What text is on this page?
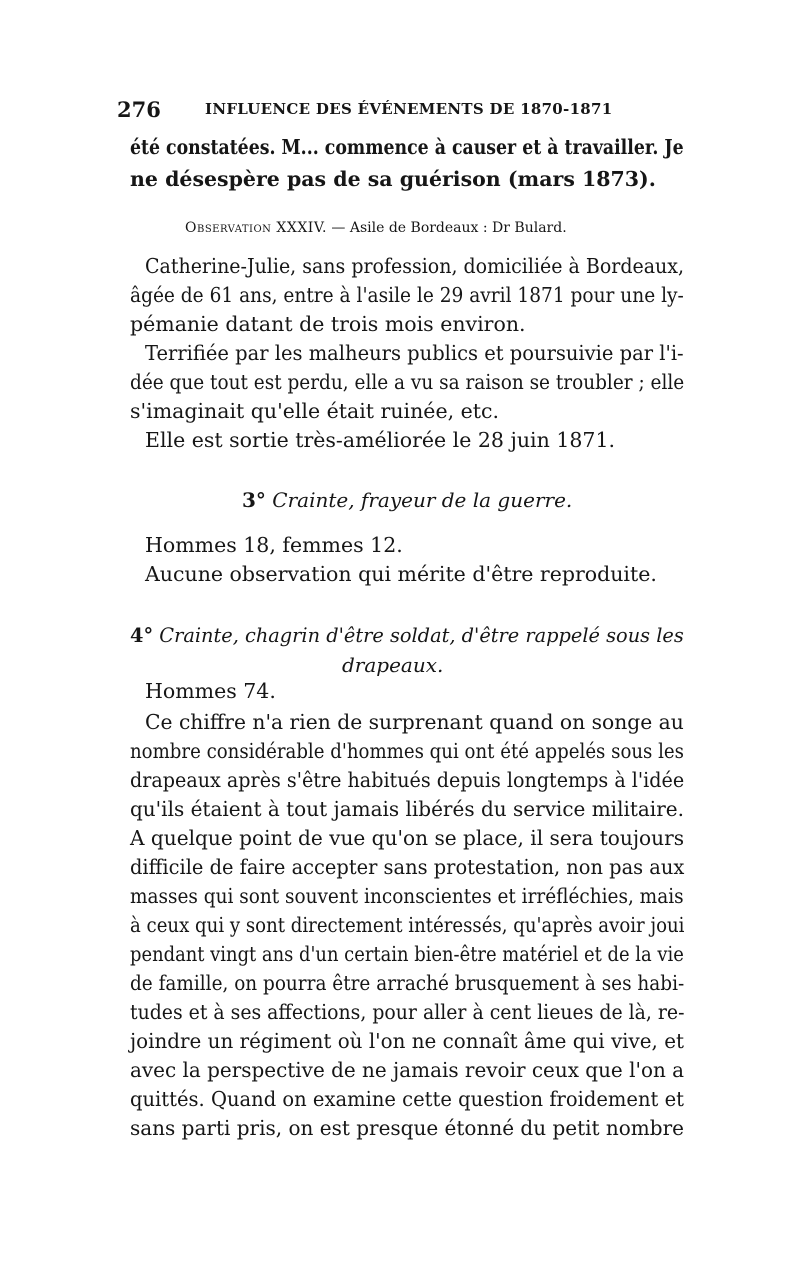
276	INFLUENCE DES ÉVÉNEMENTS DE 1870-1871
été constatées. M... commence à causer et à travailler. Je
ne désespère pas de sa guérison (mars 1873).
Observation XXXIV. — Asile de Bordeaux : Dr Bulard.
Catherine-Julie, sans profession, domiciliée à Bordeaux,
âgée de 61 ans, entre à l'asile le 29 avril 1871 pour une ly-
pémanie datant de trois mois environ.
Terrifiée par les malheurs publics et poursuivie par l'i-
dée que tout est perdu, elle a vu sa raison se troubler ; elle
s'imaginait qu'elle était ruinée, etc.
Elle est sortie très-améliorée le 28 juin 1871.
3° Crainte, frayeur de la guerre.
Hommes 18, femmes 12.
Aucune observation qui mérite d'être reproduite.
4° Crainte, chagrin d'être soldat, d'être rappelé sous les
drapeaux.
Hommes 74.
Ce chiffre n'a rien de surprenant quand on songe au
nombre considérable d'hommes qui ont été appelés sous les
drapeaux après s'être habitués depuis longtemps à l'idée
qu'ils étaient à tout jamais libérés du service militaire.
A quelque point de vue qu'on se place, il sera toujours
difficile de faire accepter sans protestation, non pas aux
masses qui sont souvent inconscientes et irréfléchies, mais
à ceux qui y sont directement intéressés, qu'après avoir joui
pendant vingt ans d'un certain bien-être matériel et de la vie
de famille, on pourra être arraché brusquement à ses habi-
tudes et à ses affections, pour aller à cent lieues de là, re-
joindre un régiment où l'on ne connaît âme qui vive, et
avec la perspective de ne jamais revoir ceux que l'on a
quittés. Quand on examine cette question froidement et
sans parti pris, on est presque étonné du petit nombre
